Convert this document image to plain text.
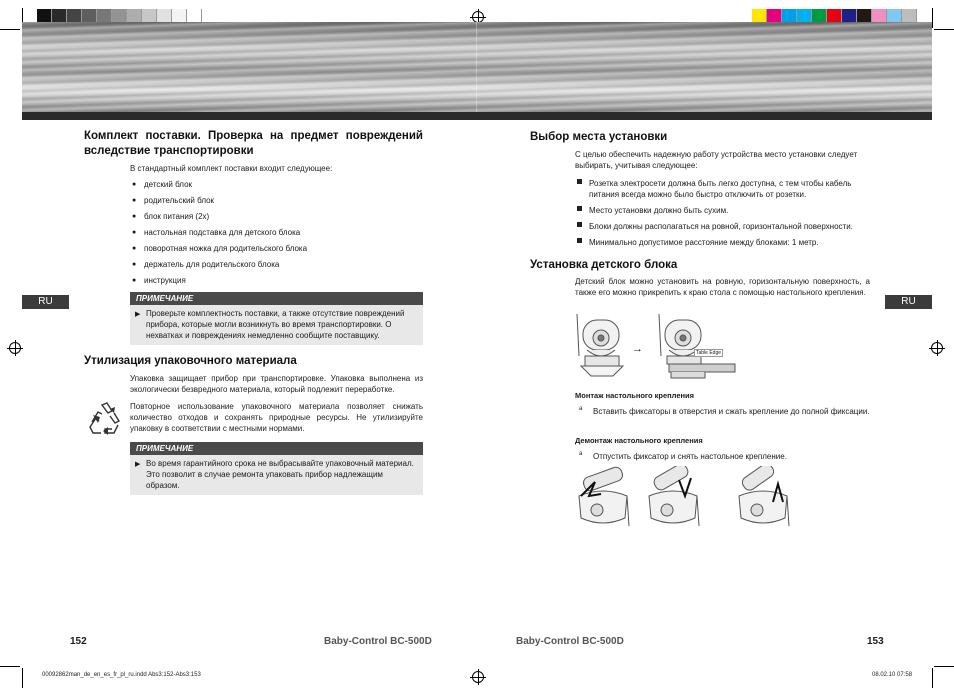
RU	RU
Комплект поставки. Проверка на предмет повреждений вследствие транспортировки
В стандартный комплект поставки входит следующее:
● детский блок
● родительский блок
● блок питания (2x)
● настольная подставка для детского блока
● поворотная ножка для родительского блока
● держатель для родительского блока
● инструкция
ПРИМЕЧАНИЕ
▶ Проверьте комплектность поставки, а также отсутствие повреждений прибора, которые могли возникнуть во время транспортировки. О нехватках и повреждениях немедленно сообщите поставщику.
Утилизация упаковочного материала
Упаковка защищает прибор при транспортировке. Упаковка выполнена из экологически безвредного материала, который подлежит переработке.
Повторное использование упаковочного материала позволяет снижать количество отходов и сохранять природные ресурсы. Не утилизируйте упаковку в соответствии с местными нормами.
ПРИМЕЧАНИЕ
▶ Во время гарантийного срока не выбрасывайте упаковочный материал. Это позволит в случае ремонта упаковать прибор надлежащим образом.
152	Baby-Control BC-500D
00092862man_de_en_es_fr_pl_ru.indd Abs3:152-Abs3:153
Выбор места установки
С целью обеспечить надежную работу устройства место установки следует выбирать, учитывая следующее:
Розетка электросети должна быть легко доступна, с тем чтобы кабель питания всегда можно было быстро отключить от розетки.
Место установки должно быть сухим.
Блоки должны располагаться на ровной, горизонтальной поверхности.
Минимально допустимое расстояние между блоками: 1 метр.
Установка детского блока
Детский блок можно установить на ровную, горизонтальную поверхность, а также его можно прикрепить к краю стола с помощью настольного крепления.
→	Table Edge
Монтаж настольного крепления
a Вставить фиксаторы в отверстия и сжать крепление до полной фиксации.
Демонтаж настольного крепления
a Отпустить фиксатор и снять настольное крепление.
Baby-Control BC-500D	153
08.02.10 07:58
